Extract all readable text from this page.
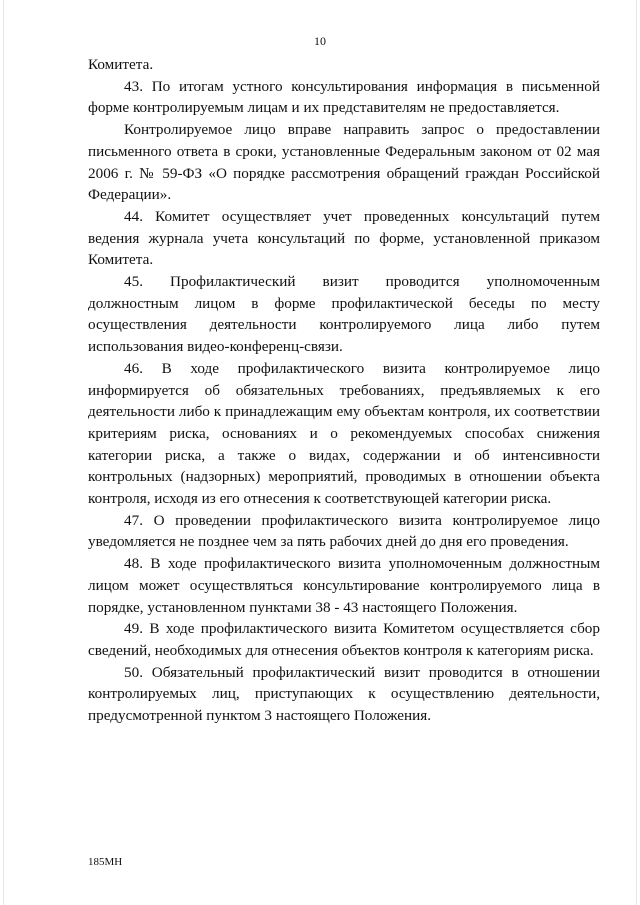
10

Комитета.

43. По итогам устного консультирования информация в письменной форме контролируемым лицам и их представителям не предоставляется.

Контролируемое лицо вправе направить запрос о предоставлении письменного ответа в сроки, установленные Федеральным законом от 02 мая 2006 г. № 59-ФЗ «О порядке рассмотрения обращений граждан Российской Федерации».

44. Комитет осуществляет учет проведенных консультаций путем ведения журнала учета консультаций по форме, установленной приказом Комитета.

45. Профилактический визит проводится уполномоченным должностным лицом в форме профилактической беседы по месту осуществления деятельности контролируемого лица либо путем использования видео-конференц-связи.

46. В ходе профилактического визита контролируемое лицо информируется об обязательных требованиях, предъявляемых к его деятельности либо к принадлежащим ему объектам контроля, их соответствии критериям риска, основаниях и о рекомендуемых способах снижения категории риска, а также о видах, содержании и об интенсивности контрольных (надзорных) мероприятий, проводимых в отношении объекта контроля, исходя из его отнесения к соответствующей категории риска.

47. О проведении профилактического визита контролируемое лицо уведомляется не позднее чем за пять рабочих дней до дня его проведения.

48. В ходе профилактического визита уполномоченным должностным лицом может осуществляться консультирование контролируемого лица в порядке, установленном пунктами 38 - 43 настоящего Положения.

49. В ходе профилактического визита Комитетом осуществляется сбор сведений, необходимых для отнесения объектов контроля к категориям риска.

50. Обязательный профилактический визит проводится в отношении контролируемых лиц, приступающих к осуществлению деятельности, предусмотренной пунктом 3 настоящего Положения.

185МН
